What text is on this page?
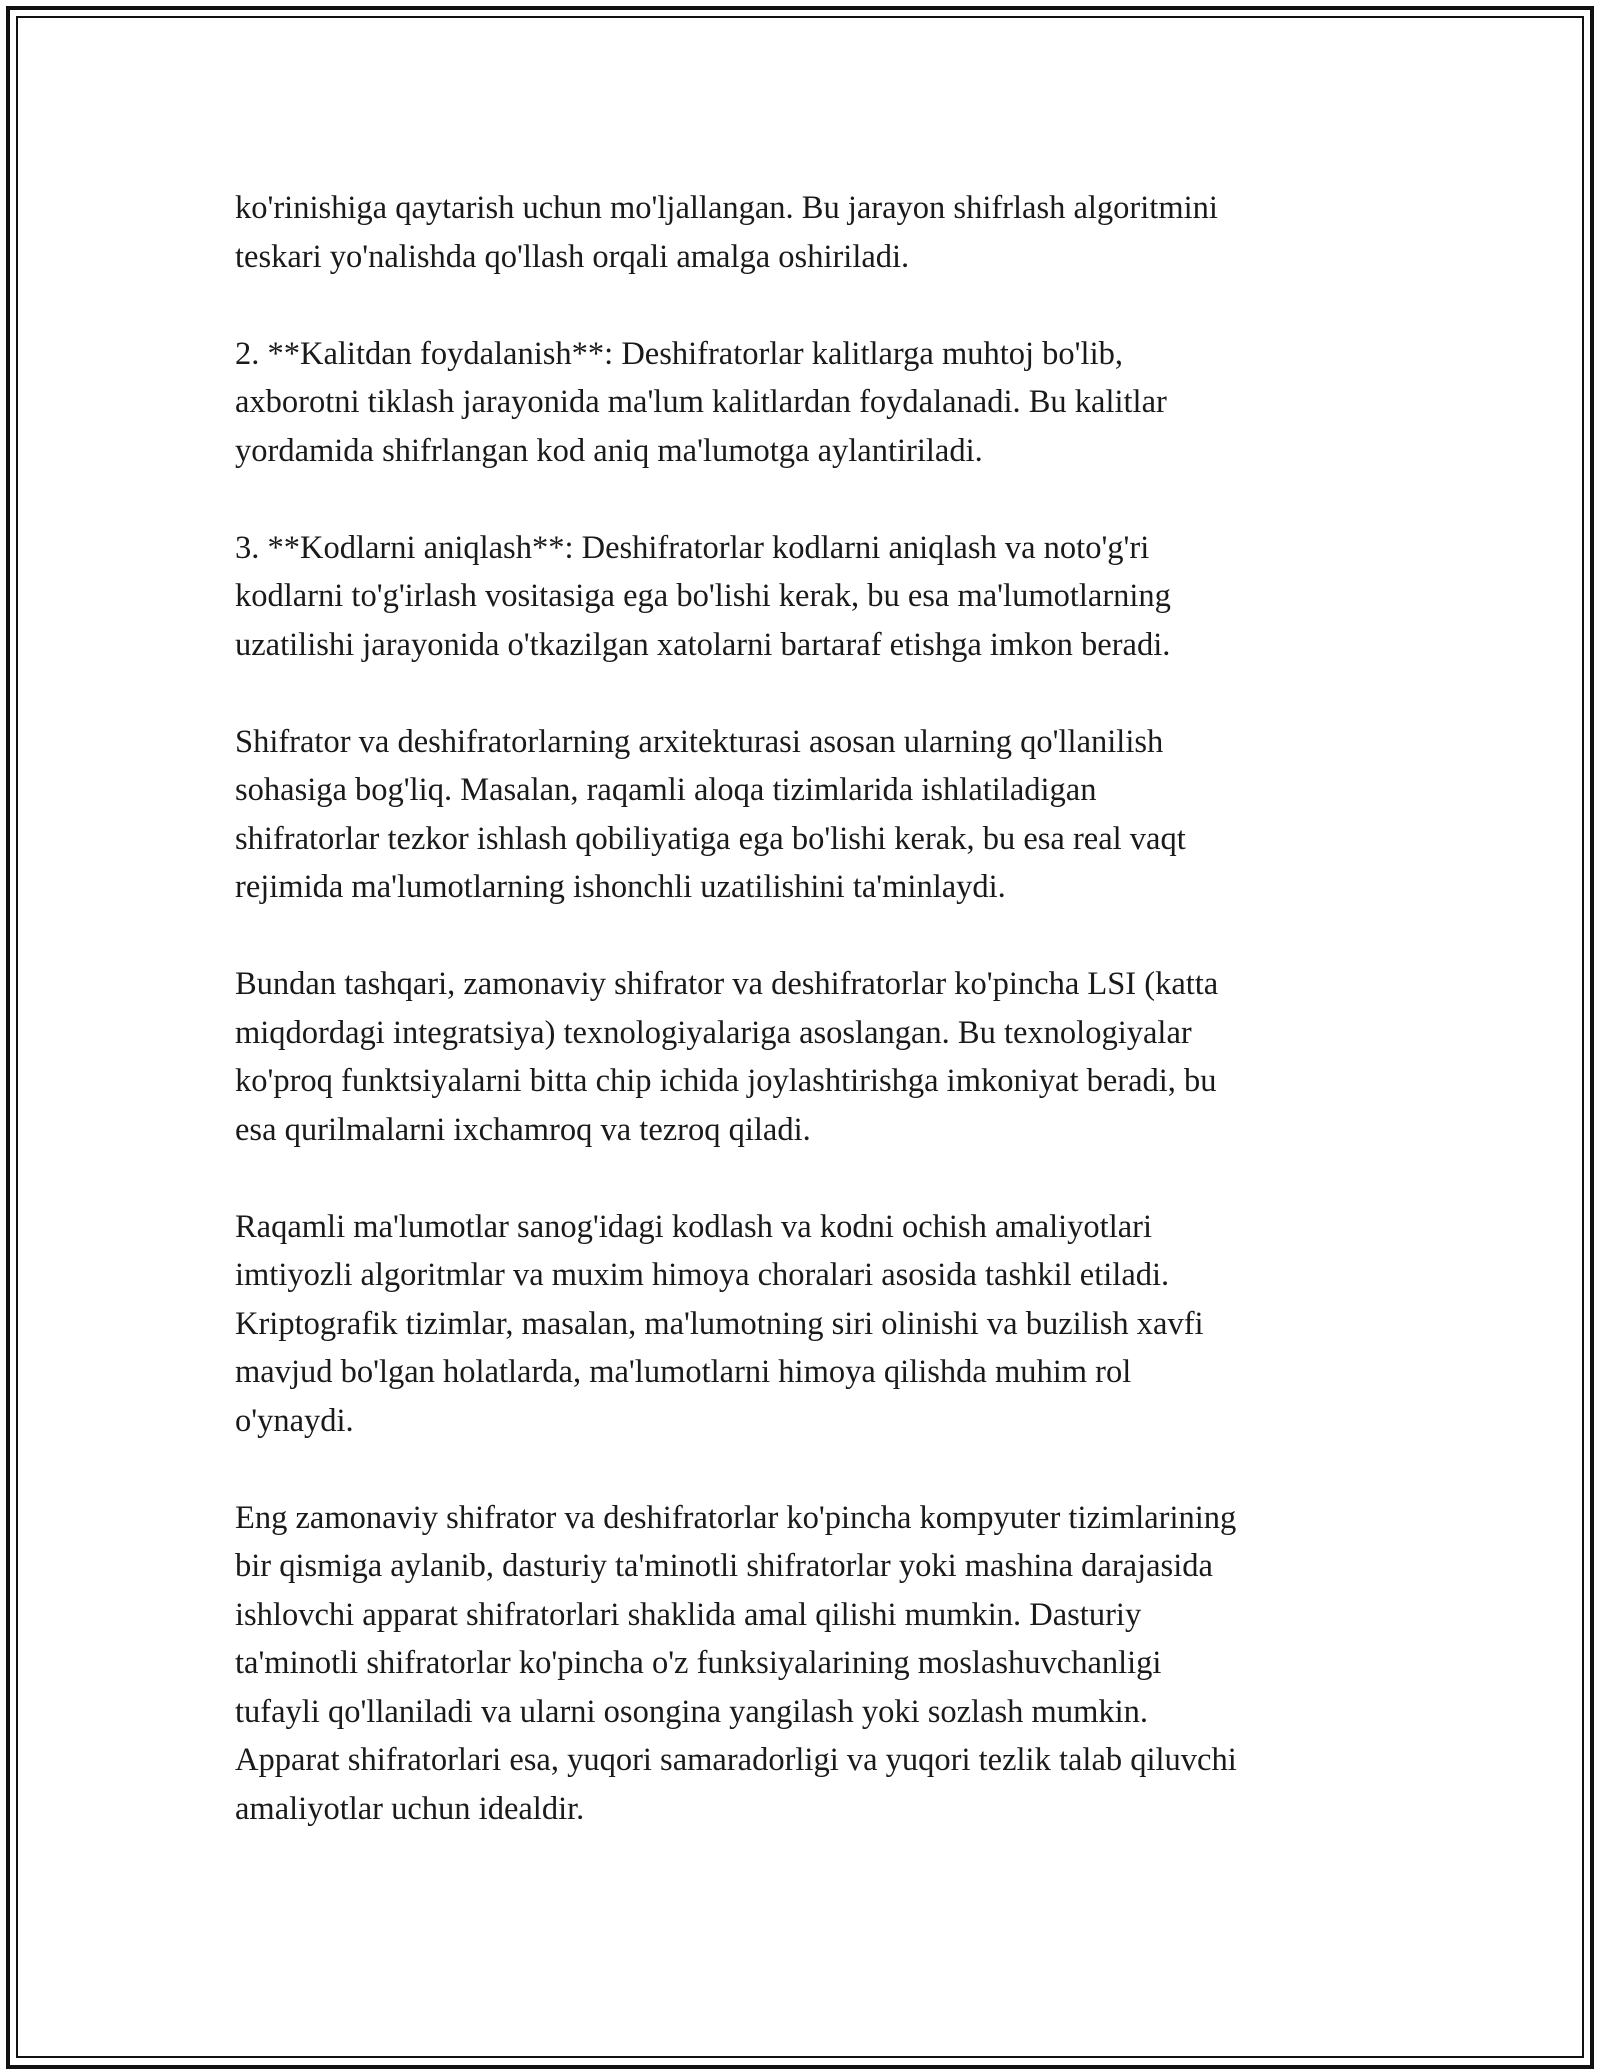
ko'rinishiga qaytarish uchun mo'ljallangan. Bu jarayon shifrlash algoritmini
teskari yo'nalishda qo'llash orqali amalga oshiriladi.

2. **Kalitdan foydalanish**: Deshifratorlar kalitlarga muhtoj bo'lib,
axborotni tiklash jarayonida ma'lum kalitlardan foydalanadi. Bu kalitlar
yordamida shifrlangan kod aniq ma'lumotga aylantiriladi.

3. **Kodlarni aniqlash**: Deshifratorlar kodlarni aniqlash va noto'g'ri
kodlarni to'g'irlash vositasiga ega bo'lishi kerak, bu esa ma'lumotlarning
uzatilishi jarayonida o'tkazilgan xatolarni bartaraf etishga imkon beradi.

Shifrator va deshifratorlarning arxitekturasi asosan ularning qo'llanilish
sohasiga bog'liq. Masalan, raqamli aloqa tizimlarida ishlatiladigan
shifratorlar tezkor ishlash qobiliyatiga ega bo'lishi kerak, bu esa real vaqt
rejimida ma'lumotlarning ishonchli uzatilishini ta'minlaydi.

Bundan tashqari, zamonaviy shifrator va deshifratorlar ko'pincha LSI (katta
miqdordagi integratsiya) texnologiyalariga asoslangan. Bu texnologiyalar
ko'proq funktsiyalarni bitta chip ichida joylashtirishga imkoniyat beradi, bu
esa qurilmalarni ixchamroq va tezroq qiladi.

Raqamli ma'lumotlar sanog'idagi kodlash va kodni ochish amaliyotlari
imtiyozli algoritmlar va muxim himoya choralari asosida tashkil etiladi.
Kriptografik tizimlar, masalan, ma'lumotning siri olinishi va buzilish xavfi
mavjud bo'lgan holatlarda, ma'lumotlarni himoya qilishda muhim rol
o'ynaydi.

Eng zamonaviy shifrator va deshifratorlar ko'pincha kompyuter tizimlarining
bir qismiga aylanib, dasturiy ta'minotli shifratorlar yoki mashina darajasida
ishlovchi apparat shifratorlari shaklida amal qilishi mumkin. Dasturiy
ta'minotli shifratorlar ko'pincha o'z funksiyalarining moslashuvchanligi
tufayli qo'llaniladi va ularni osongina yangilash yoki sozlash mumkin.
Apparat shifratorlari esa, yuqori samaradorligi va yuqori tezlik talab qiluvchi
amaliyotlar uchun idealdir.
